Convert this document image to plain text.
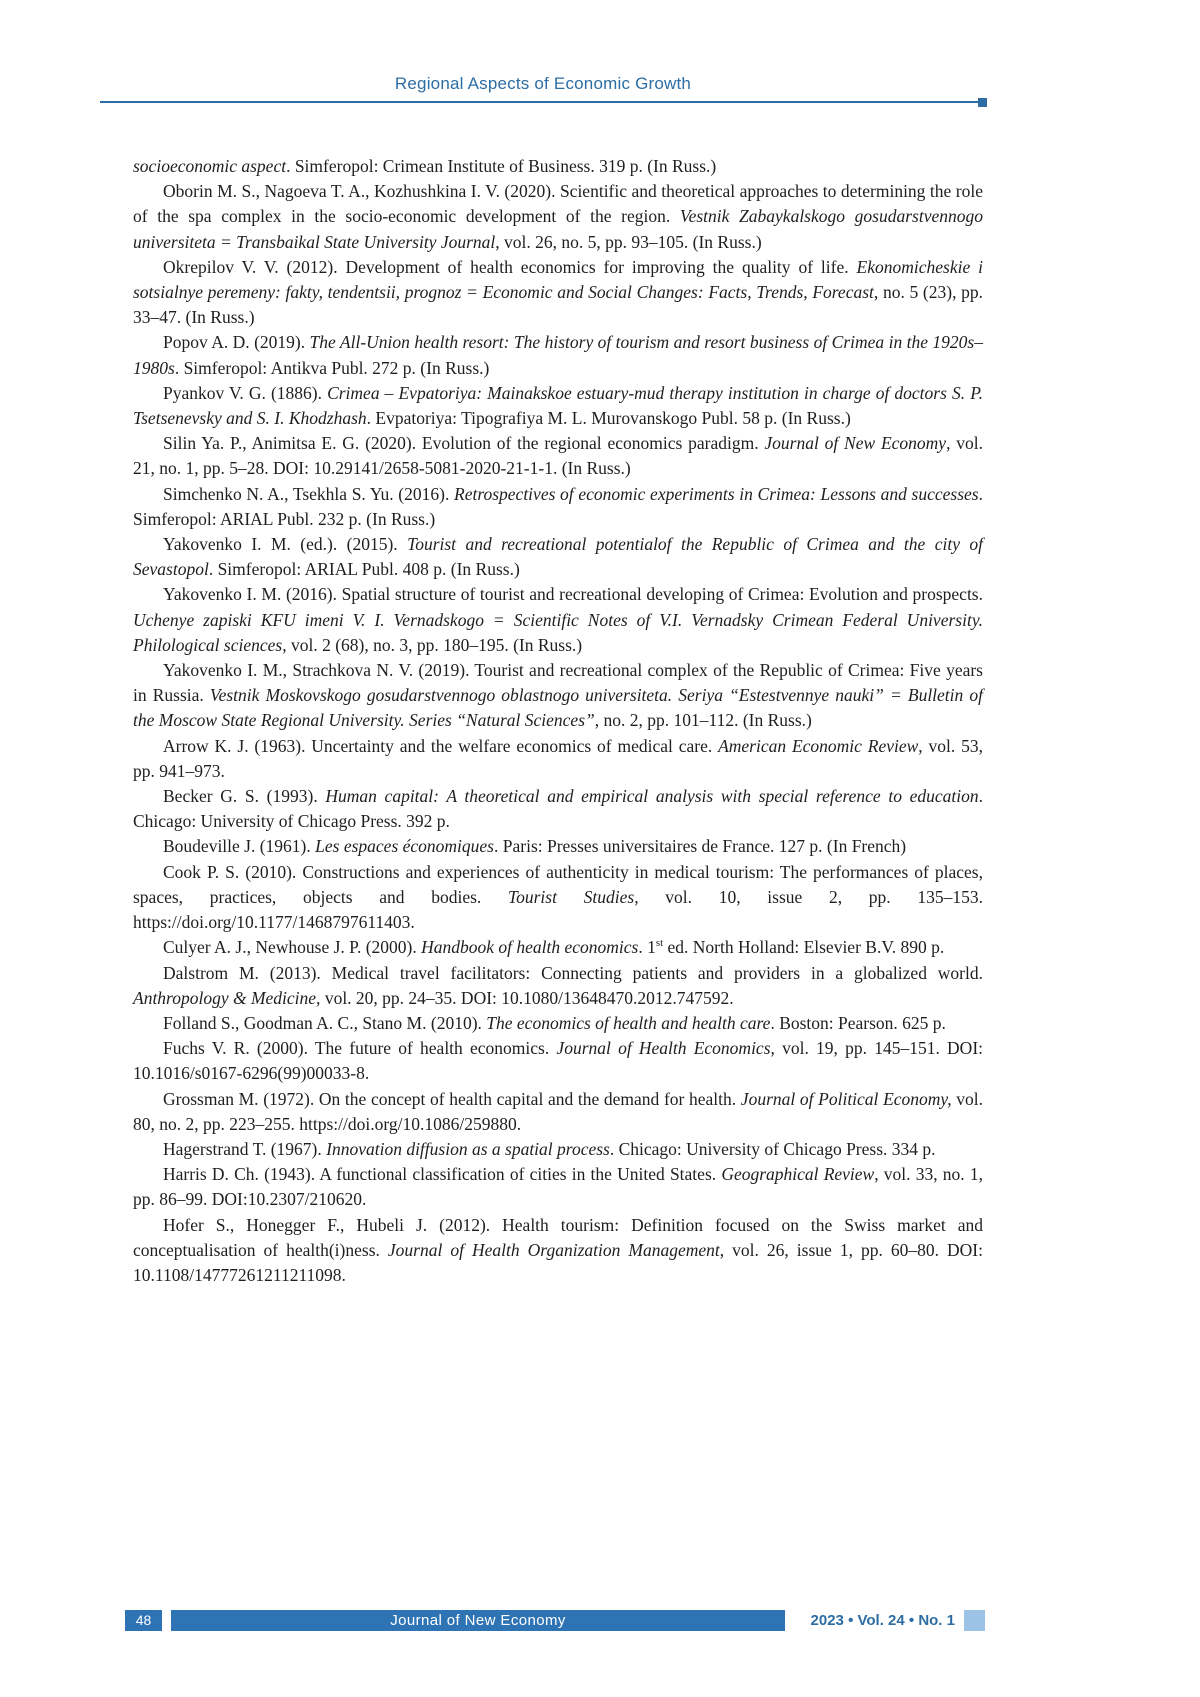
Regional Aspects of Economic Growth

socioeconomic aspect. Simferopol: Crimean Institute of Business. 319 p. (In Russ.)

Oborin M. S., Nagoeva T. A., Kozhushkina I. V. (2020). Scientific and theoretical approaches to determining the role of the spa complex in the socio-economic development of the region. Vestnik Zabaykalskogo gosudarstvennogo universiteta = Transbaikal State University Journal, vol. 26, no. 5, pp. 93–105. (In Russ.)

Okrepilov V. V. (2012). Development of health economics for improving the quality of life. Ekonomicheskie i sotsialnye peremeny: fakty, tendentsii, prognoz = Economic and Social Changes: Facts, Trends, Forecast, no. 5 (23), pp. 33–47. (In Russ.)

Popov A. D. (2019). The All-Union health resort: The history of tourism and resort business of Crimea in the 1920s–1980s. Simferopol: Antikva Publ. 272 p. (In Russ.)

Pyankov V. G. (1886). Crimea – Evpatoriya: Mainakskoe estuary-mud therapy institution in charge of doctors S. P. Tsetsenevsky and S. I. Khodzhash. Evpatoriya: Tipografiya M. L. Murovanskogo Publ. 58 p. (In Russ.)

Silin Ya. P., Animitsa E. G. (2020). Evolution of the regional economics paradigm. Journal of New Economy, vol. 21, no. 1, pp. 5–28. DOI: 10.29141/2658-5081-2020-21-1-1. (In Russ.)

Simchenko N. A., Tsekhla S. Yu. (2016). Retrospectives of economic experiments in Crimea: Lessons and successes. Simferopol: ARIAL Publ. 232 p. (In Russ.)

Yakovenko I. M. (ed.). (2015). Tourist and recreational potentialof the Republic of Crimea and the city of Sevastopol. Simferopol: ARIAL Publ. 408 p. (In Russ.)

Yakovenko I. M. (2016). Spatial structure of tourist and recreational developing of Crimea: Evolution and prospects. Uchenye zapiski KFU imeni V. I. Vernadskogo = Scientific Notes of V.I. Vernadsky Crimean Federal University. Philological sciences, vol. 2 (68), no. 3, pp. 180–195. (In Russ.)

Yakovenko I. M., Strachkova N. V. (2019). Tourist and recreational complex of the Republic of Crimea: Five years in Russia. Vestnik Moskovskogo gosudarstvennogo oblastnogo universiteta. Seriya “Estestvennye nauki” = Bulletin of the Moscow State Regional University. Series “Natural Sciences”, no. 2, pp. 101–112. (In Russ.)

Arrow K. J. (1963). Uncertainty and the welfare economics of medical care. American Economic Review, vol. 53, pp. 941–973.

Becker G. S. (1993). Human capital: A theoretical and empirical analysis with special reference to education. Chicago: University of Chicago Press. 392 p.

Boudeville J. (1961). Les espaces économiques. Paris: Presses universitaires de France. 127 p. (In French)

Cook P. S. (2010). Constructions and experiences of authenticity in medical tourism: The performances of places, spaces, practices, objects and bodies. Tourist Studies, vol. 10, issue 2, pp. 135–153. https://doi.org/10.1177/1468797611403.

Culyer A. J., Newhouse J. P. (2000). Handbook of health economics. 1st ed. North Holland: Elsevier B.V. 890 p.

Dalstrom M. (2013). Medical travel facilitators: Connecting patients and providers in a globalized world. Anthropology & Medicine, vol. 20, pp. 24–35. DOI: 10.1080/13648470.2012.747592.

Folland S., Goodman A. C., Stano M. (2010). The economics of health and health care. Boston: Pearson. 625 p.

Fuchs V. R. (2000). The future of health economics. Journal of Health Economics, vol. 19, pp. 145–151. DOI: 10.1016/s0167-6296(99)00033-8.

Grossman M. (1972). On the concept of health capital and the demand for health. Journal of Political Economy, vol. 80, no. 2, pp. 223–255. https://doi.org/10.1086/259880.

Hagerstrand T. (1967). Innovation diffusion as a spatial process. Chicago: University of Chicago Press. 334 p.

Harris D. Ch. (1943). A functional classification of cities in the United States. Geographical Review, vol. 33, no. 1, pp. 86–99. DOI:10.2307/210620.

Hofer S., Honegger F., Hubeli J. (2012). Health tourism: Definition focused on the Swiss market and conceptualisation of health(i)ness. Journal of Health Organization Management, vol. 26, issue 1, pp. 60–80. DOI: 10.1108/14777261211211098.

48	Journal of New Economy	2023 • Vol. 24 • No. 1
